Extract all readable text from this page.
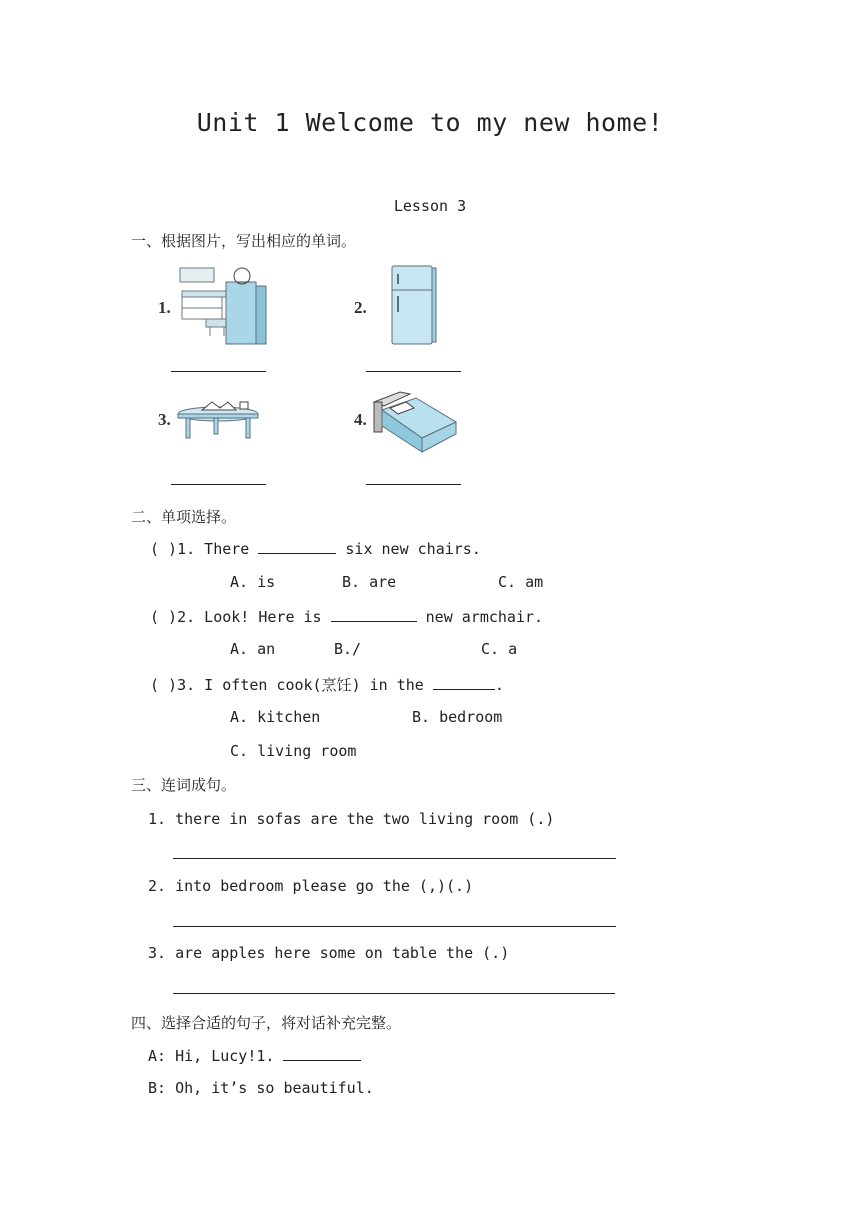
Unit 1 Welcome to my new home!
Lesson 3
一、根据图片，写出相应的单词。
1.	2.
3.	4.
二、单项选择。
( )1. There	six new chairs.
A. is	B. are	C. am
( )2. Look! Here is	new armchair.
A. an	B./	C. a
( )3. I often cook(烹饪) in the	.
A. kitchen	B. bedroom
C. living room
三、连词成句。
1. there in sofas are the two living room (.)
2. into bedroom please go the (,)(.)
3. are apples here some on table the (.)
四、选择合适的句子，将对话补充完整。
A: Hi, Lucy!1.
B: Oh, it’s so beautiful.
